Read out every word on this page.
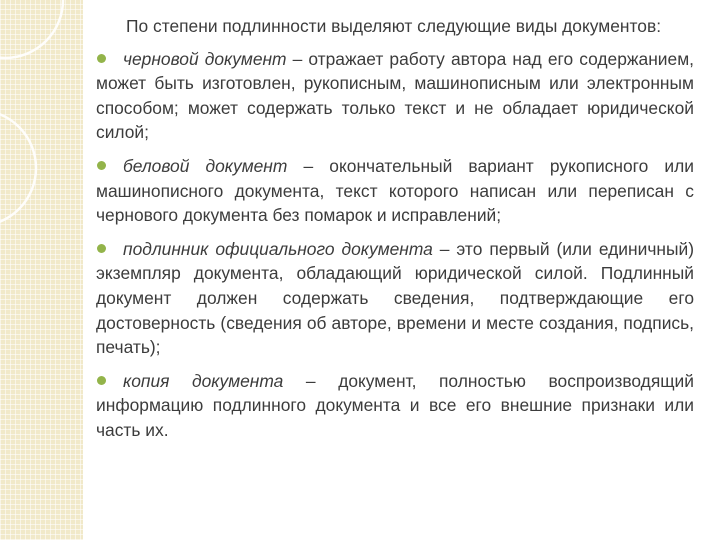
По степени подлинности выделяют следующие виды документов:

черновой документ – отражает работу автора над его содержанием, может быть изготовлен, рукописным, машинописным или электронным способом; может содержать только текст и не обладает юридической силой;

беловой документ – окончательный вариант рукописного или машинописного документа, текст которого написан или переписан с чернового документа без помарок и исправлений;

подлинник официального документа – это первый (или единичный) экземпляр документа, обладающий юридической силой. Подлинный документ должен содержать сведения, подтверждающие его достоверность (сведения об авторе, времени и месте создания, подпись, печать);

копия документа – документ, полностью воспроизводящий информацию подлинного документа и все его внешние признаки или часть их.
